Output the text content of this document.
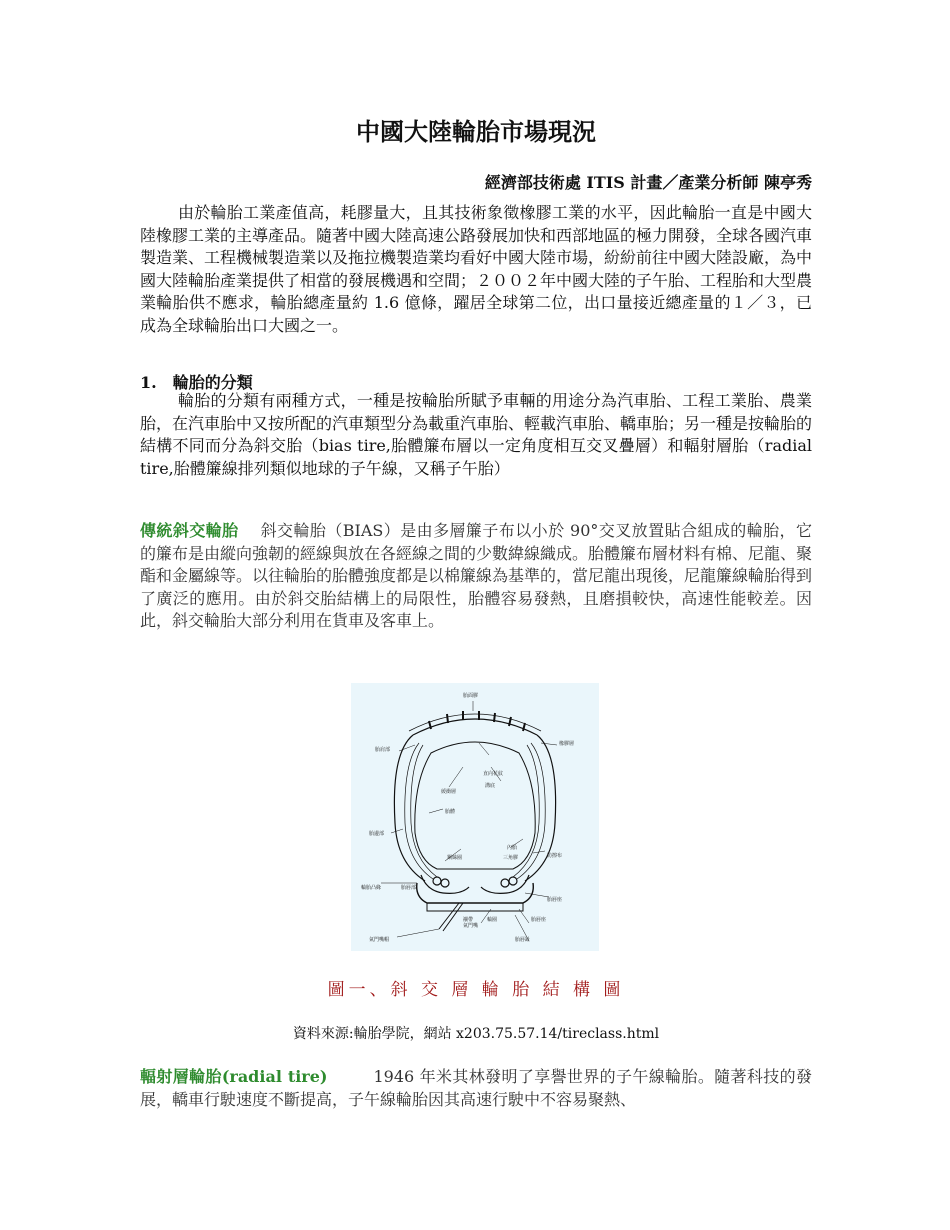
中國大陸輪胎市場現況
經濟部技術處 ITIS 計畫／產業分析師 陳亭秀

由於輪胎工業產值高，耗膠量大，且其技術象徵橡膠工業的水平，因此輪胎一直是中國大陸橡膠工業的主導產品。隨著中國大陸高速公路發展加快和西部地區的極力開發，全球各國汽車製造業、工程機械製造業以及拖拉機製造業均看好中國大陸市場，紛紛前往中國大陸設廠，為中國大陸輪胎產業提供了相當的發展機遇和空間；２００２年中國大陸的子午胎、工程胎和大型農業輪胎供不應求，輪胎總產量約 1.6 億條，躍居全球第二位，出口量接近總產量的１／３，已成為全球輪胎出口大國之一。

1.　輪胎的分類

輪胎的分類有兩種方式，一種是按輪胎所賦予車輛的用途分為汽車胎、工程工業胎、農業胎，在汽車胎中又按所配的汽車類型分為載重汽車胎、輕載汽車胎、轎車胎；另一種是按輪胎的結構不同而分為斜交胎（bias tire,胎體簾布層以一定角度相互交叉疊層）和輻射層胎（radial tire,胎體簾線排列類似地球的子午線，又稱子午胎）

傳統斜交輪胎 斜交輪胎（BIAS）是由多層簾子布以小於 90°交叉放置貼合組成的輪胎，它的簾布是由縱向強韌的經線與放在各經線之間的少數緯線織成。胎體簾布層材料有棉、尼龍、聚酯和金屬線等。以往輪胎的胎體強度都是以棉簾線為基準的，當尼龍出現後，尼龍簾線輪胎得到了廣泛的應用。由於斜交胎結構上的局限性，胎體容易發熱，且磨損較快，高速性能較差。因此，斜交輪胎大部分利用在貨車及客車上。

胎面膠
胎肩部
橡膠層
直向花紋
緩衝層
溝底
胎體
胎邊部
鋼絲圈
內胎
三角膠	防擦布
輪胎凸緣	胎唇部
胎唇座
襯帶
氣門嘴
輪圈	胎唇座
氣門嘴帽	胎唇趾
圖一、斜 交 層 輪 胎 結 構 圖
資料來源:輪胎學院，網站 x203.75.57.14/tireclass.html

輻射層輪胎(radial tire)	1946 年米其林發明了享譽世界的子午線輪胎。隨著科技的發展，轎車行駛速度不斷提高，子午線輪胎因其高速行駛中不容易聚熱、
